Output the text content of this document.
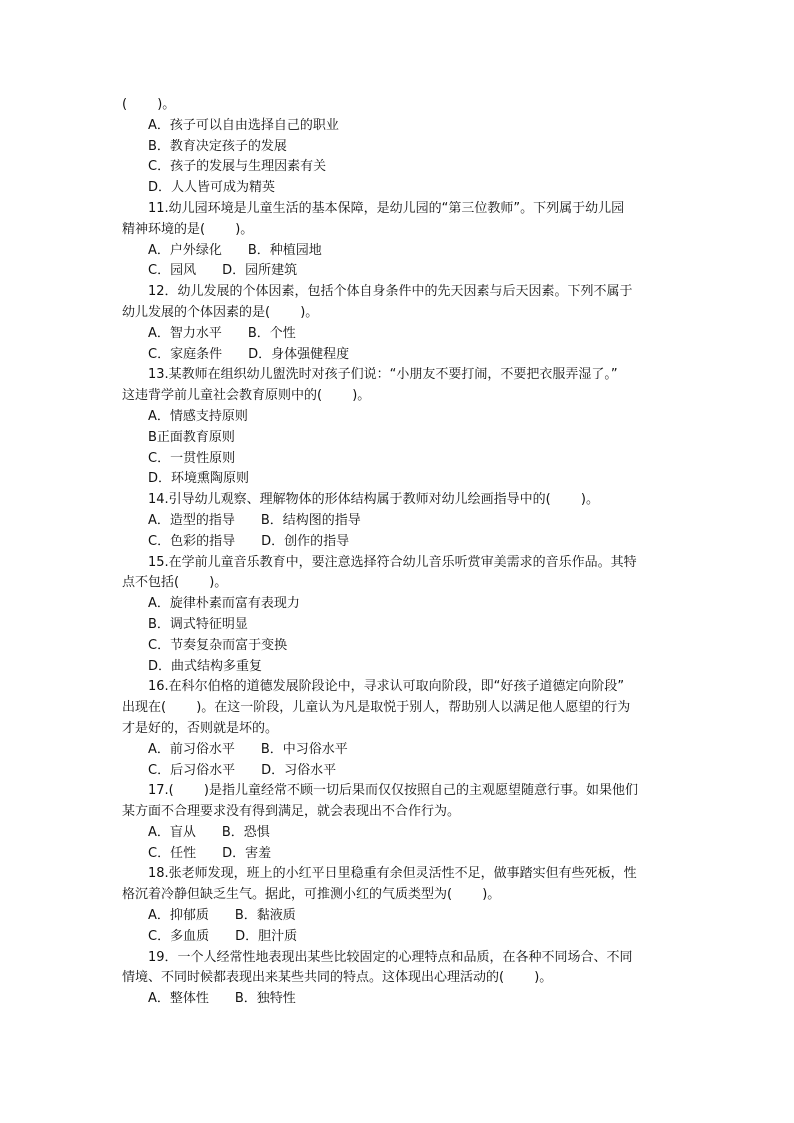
(　 　)。
A．孩子可以自由选择自己的职业
B．教育决定孩子的发展
C．孩子的发展与生理因素有关
D．人人皆可成为精英
11.幼儿园环境是儿童生活的基本保障，是幼儿园的“第三位教师”。下列属于幼儿园
精神环境的是(　 　)。
A．户外绿化　　B．种植园地
C．园风　　D．园所建筑
12．幼儿发展的个体因素，包括个体自身条件中的先天因素与后天因素。下列不属于
幼儿发展的个体因素的是(　 　)。
A．智力水平　　B．个性
C．家庭条件　　D．身体强健程度
13.某教师在组织幼儿盥洗时对孩子们说：“小朋友不要打闹，不要把衣服弄湿了。”
这违背学前儿童社会教育原则中的(　 　)。
A．情感支持原则
B正面教育原则
C．一贯性原则
D．环境熏陶原则
14.引导幼儿观察、理解物体的形体结构属于教师对幼儿绘画指导中的(　 　)。
A．造型的指导　　B．结构图的指导
C．色彩的指导　　D．创作的指导
15.在学前儿童音乐教育中，要注意选择符合幼儿音乐听赏审美需求的音乐作品。其特
点不包括(　 　)。
A．旋律朴素而富有表现力
B．调式特征明显
C．节奏复杂而富于变换
D．曲式结构多重复
16.在科尔伯格的道德发展阶段论中，寻求认可取向阶段，即“好孩子道德定向阶段”
出现在(　 　)。在这一阶段，儿童认为凡是取悦于别人，帮助别人以满足他人愿望的行为
才是好的，否则就是坏的。
A．前习俗水平　　B．中习俗水平
C．后习俗水平　　D．习俗水平
17.(　 　)是指儿童经常不顾一切后果而仅仅按照自己的主观愿望随意行事。如果他们
某方面不合理要求没有得到满足，就会表现出不合作行为。
A．盲从　　B．恐惧
C．任性　　D．害羞
18.张老师发现，班上的小红平日里稳重有余但灵活性不足，做事踏实但有些死板，性
格沉着冷静但缺乏生气。据此，可推测小红的气质类型为(　 　)。
A．抑郁质　　B．黏液质
C．多血质　　D．胆汁质
19．一个人经常性地表现出某些比较固定的心理特点和品质，在各种不同场合、不同
情境、不同时候都表现出来某些共同的特点。这体现出心理活动的(　 　)。
A．整体性　　B．独特性
